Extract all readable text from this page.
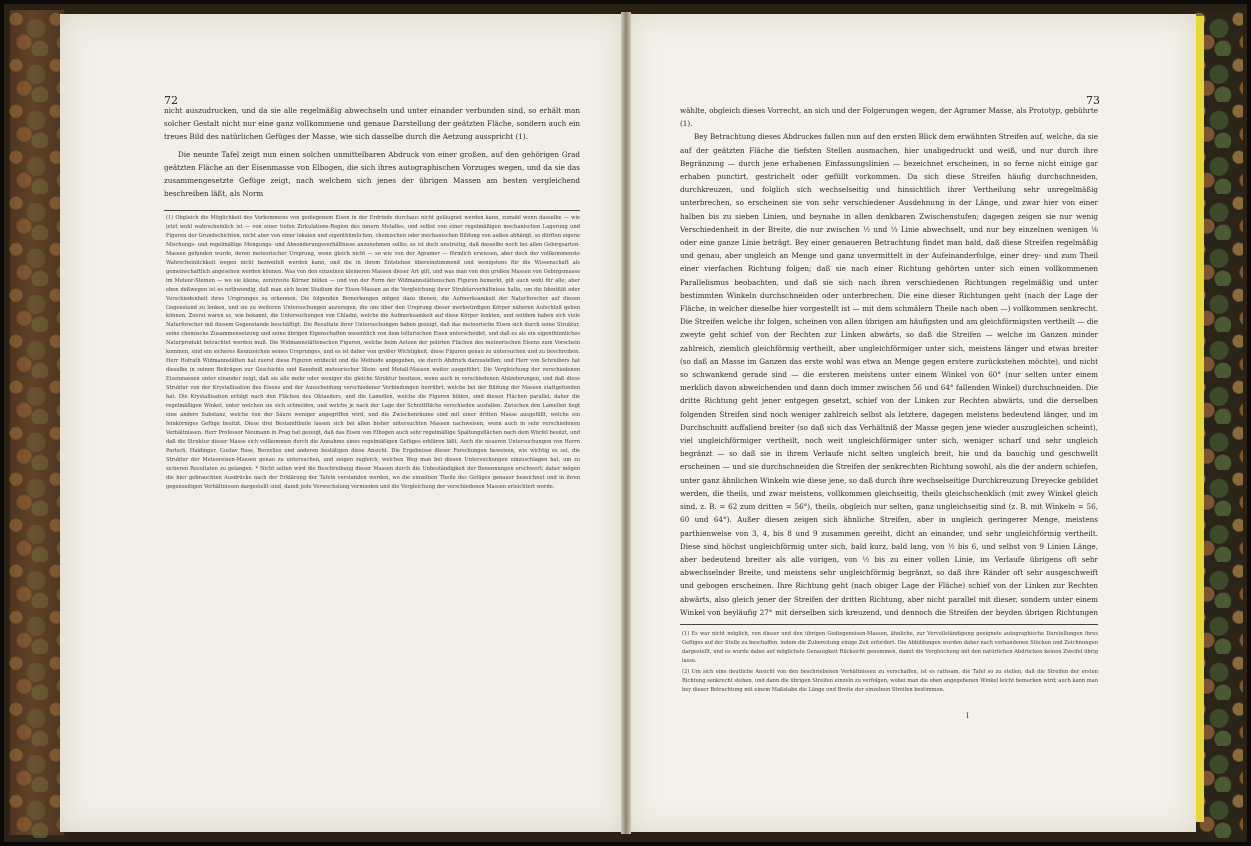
72

nicht auszudrucken, und da sie alle regelmäßig abwechseln und unter einander verbunden sind, so erhält man solcher Gestalt nicht nur eine ganz vollkommene und genaue Darstellung der geätzten Fläche, sondern auch ein treues Bild des natürlichen Gefüges der Masse, wie sich dasselbe durch die Aetzung ausspricht (1).

Die neunte Tafel zeigt nun einen solchen unmittelbaren Abdruck von einer großen, auf den gehörigen Grad geätzten Fläche an der Eisenmasse von Elbogen, die sich ihres autographischen Vorzuges wegen, und da sie das zusammengesetzte Gefüge zeigt, nach welchem sich jenes der übrigen Massen am besten vergleichend beschreiben läßt, als Norm

(1) Obgleich die Möglichkeit des Vorkommens von gediegenem Eisen in der Erdrinde durchaus nicht geläugnet werden kann, zumahl wenn dasselbe — wie jetzt wohl wahrscheinlich ist — von einer tiefen Zirkulations-Region des innern Metalles, und selbst von einer regelmäßigen mechanischen Lagerung und Figuren der Grundschichten, nicht aber von einer lokalen und eigenthümlichen, chemischen oder mechanischen Bildung von außen abhängt, so dürften eigene Mischungs- und regelmäßige Mengungs- und Absonderungsverhältnisse anzunehmen sollte; so ist doch unstreitig, daß dasselbe noch bei allen Gebirgsarten-Massen gefunden wurde, deren meteorischer Ursprung, wenn gleich nicht — so wie von der Agramer — förmlich erwiesen, aber doch der vollkommenste Wahrscheinlichkeit wegen nicht bezweifelt werden kann, und die in ihrem Entstehen übereinstimmend und wenigstens für die Wissenschaft als gemeinschaftlich angesehen werden können. Was von den einzelnen kleineren Massen dieser Art gilt, und was man von den großen Massen von Gebirgsmasse im Meteor-Steinen — wo sie kleine, zerstreute Körner bilden — und von der Form der Widmannstättenschen Figuren bemerkt, gilt auch wohl für alle; aber eben deßwegen ist es nothwendig, daß man sich beim Studium der Eisen-Massen an die Vergleichung ihrer Strukturverhältnisse halte, um die Identität oder Verschiedenheit ihres Ursprunges zu erkennen. Die folgenden Bemerkungen mögen dazu dienen, die Aufmerksamkeit der Naturforscher auf diesen Gegenstand zu lenken, und sie zu weiteren Untersuchungen anzuregen, die uns über den Ursprung dieser merkwürdigen Körper näheren Aufschluß geben können. Zuerst waren es, wie bekannt, die Untersuchungen von Chladni, welche die Aufmerksamkeit auf diese Körper lenkten, und seitdem haben sich viele Naturforscher mit diesem Gegenstande beschäftigt. Die Resultate ihrer Untersuchungen haben gezeigt, daß das meteorische Eisen sich durch seine Struktur, seine chemische Zusammensetzung und seine übrigen Eigenschaften wesentlich von dem tellurischen Eisen unterscheidet, und daß es als ein eigenthümliches Naturprodukt betrachtet werden muß. Die Widmannstättenschen Figuren, welche beim Aetzen der polirten Flächen des meteorischen Eisens zum Vorschein kommen, sind ein sicheres Kennzeichen seines Ursprunges, und es ist daher von großer Wichtigkeit, diese Figuren genau zu untersuchen und zu beschreiben. Herr Hofrath Widmannstätten hat zuerst diese Figuren entdeckt und die Methode angegeben, sie durch Abdruck darzustellen; und Herr von Schreibers hat dieselbe in seinen Beiträgen zur Geschichte und Kenntniß meteorischer Stein- und Metall-Massen weiter ausgeführt. Die Vergleichung der verschiedenen Eisenmassen unter einander zeigt, daß sie alle mehr oder weniger die gleiche Struktur besitzen, wenn auch in verschiedenen Abänderungen, und daß diese Struktur von der Krystallisation des Eisens und der Ausscheidung verschiedener Verbindungen herrührt, welche bei der Bildung der Massen stattgefunden hat. Die Krystallisation erfolgt nach den Flächen des Oktaeders, und die Lamellen, welche die Figuren bilden, sind diesen Flächen parallel; daher die regelmäßigen Winkel, unter welchen sie sich schneiden, und welche je nach der Lage der Schnittfläche verschieden ausfallen. Zwischen den Lamellen liegt eine andere Substanz, welche von der Säure weniger angegriffen wird, und die Zwischenräume sind mit einer dritten Masse ausgefüllt, welche ein feinkörniges Gefüge besitzt. Diese drei Bestandtheile lassen sich bei allen bisher untersuchten Massen nachweisen, wenn auch in sehr verschiedenen Verhältnissen. Herr Professor Neumann in Prag hat gezeigt, daß das Eisen von Elbogen auch sehr regelmäßige Spaltungsflächen nach dem Würfel besitzt, und daß die Struktur dieser Masse sich vollkommen durch die Annahme eines regelmäßigen Gefüges erklären läßt. Auch die neueren Untersuchungen von Herrn Partsch, Haidinger, Gustav Rose, Berzelius und anderen bestätigen diese Ansicht. Die Ergebnisse dieser Forschungen beweisen, wie wichtig es sei, die Struktur der Meteoreisen-Massen genau zu untersuchen, und zeigen zugleich, welchen Weg man bei diesen Untersuchungen einzuschlagen hat, um zu sicheren Resultaten zu gelangen. * Nicht selten wird die Beschreibung dieser Massen durch die Unbeständigkeit der Benennungen erschwert; daher mögen die hier gebrauchten Ausdrücke nach der Erklärung der Tafeln verstanden werden, wo die einzelnen Theile des Gefüges genauer bezeichnet und in ihren gegenseitigen Verhältnissen dargestellt sind, damit jede Verwechslung vermieden und die Vergleichung der verschiedenen Massen erleichtert werde.
73

wählte, obgleich dieses Vorrecht, an sich und der Folgerungen wegen, der Agramer Masse, als Prototyp, gebührte (1).

Bey Betrachtung dieses Abdruckes fallen nun auf den ersten Blick dem erwähnten Streifen auf, welche, da sie auf der geätzten Fläche die tiefsten Stellen ausmachen, hier unabgedruckt und weiß, und nur durch ihre Begränzung — durch jene erhabenen Einfassungslinien — bezeichnet erscheinen, in so ferne nicht einige gar erhaben punctirt, gestrichelt oder gefüllt vorkommen. Da sich diese Streifen häufig durchschneiden, durchkreuzen, und folglich sich wechselseitig und hinsichtlich ihrer Vertheilung sehr unregelmäßig unterbrechen, so erscheinen sie von sehr verschiedener Ausdehnung in der Länge, und zwar hier von einer halben bis zu sieben Linien, und beynahe in allen denkbaren Zwischenstufen; dagegen zeigen sie nur wenig Verschiedenheit in der Breite, die nur zwischen ½ und ⅓ Linie abwechselt, und nur bey einzelnen wenigen ⅛ oder eine ganze Linie beträgt. Bey einer genaueren Betrachtung findet man bald, daß diese Streifen regelmäßig und genau, aber ungleich an Menge und ganz unvermittelt in der Aufeinanderfolge, einer drey- und zum Theil einer vierfachen Richtung folgen; daß sie nach einer Richtung gehörten unter sich einen vollkommenen Parallelismus beobachten, und daß sie sich nach ihren verschiedenen Richtungen regelmäßig und unter bestimmten Winkeln durchschneiden oder unterbrechen. Die eine dieser Richtungen geht (nach der Lage der Fläche, in welcher dieselbe hier vorgestellt ist — mit dem schmälern Theile nach oben —) vollkommen senkrecht. Die Streifen welche ihr folgen, scheinen von allen übrigen am häufigsten und am gleichförmigsten vertheilt — die zweyte geht schief von der Rechten zur Linken abwärts, so daß die Streifen — welche im Ganzen minder zahlreich, ziemlich gleichförmig vertheilt, aber ungleichförmiger unter sich, meistens länger und etwas breiter (so daß an Masse im Ganzen das erste wohl was etwa an Menge gegen erstere zurückstehen möchte), und nicht so schwankend gerade sind — die ersteren meistens unter einem Winkel von 60° (nur selten unter einem merklich davon abweichenden und dann doch immer zwischen 56 und 64° fallenden Winkel) durchschneiden. Die dritte Richtung geht jener entgegen gesetzt, schief von der Linken zur Rechten abwärts, und die derselben folgenden Streifen sind noch weniger zahlreich selbst als letztere, dagegen meistens bedeutend länger, und im Durchschnitt auffallend breiter (so daß sich das Verhältniß der Masse gegen jene wieder auszugleichen scheint), viel ungleichförmiger vertheilt, noch weit ungleichförmiger unter sich, weniger scharf und sehr ungleich begränzt — so daß sie in ihrem Verlaufe nicht selten ungleich breit, hie und da bauchig und geschwellt erscheinen — und sie durchschneiden die Streifen der senkrechten Richtung sowohl, als die der andern schiefen, unter ganz ähnlichen Winkeln wie diese jene, so daß durch ihre wechselseitige Durchkreuzung Dreyecke gebildet werden, die theils, und zwar meistens, vollkommen gleichseitig, theils gleichschenklich (mit zwey Winkel gleich sind, z. B. = 62 zum dritten = 56°), theils, obgleich nur selten, ganz ungleichseitig sind (z. B. mit Winkeln = 56, 60 und 64°). Außer diesen zeigen sich ähnliche Streifen, aber in ungleich geringerer Menge, meistens parthienweise von 3, 4, bis 8 und 9 zusammen gereiht, dicht an einander, und sehr ungleichförmig vertheilt. Diese sind höchst ungleichförmig unter sich, bald kurz, bald lang, von ½ bis 6, und selbst von 9 Linien Länge, aber bedeutend breiter als alle vorigen, von ½ bis zu einer vollen Linie, im Verlaufe übrigens oft sehr abwechselnder Breite, und meistens sehr ungleichförmig begränzt, so daß ihre Ränder oft sehr ausgeschweift und gebogen erscheinen. Ihre Richtung geht (nach obiger Lage der Fläche) schief von der Linken zur Rechten abwärts, also gleich jener der Streifen der dritten Richtung, aber nicht parallel mit dieser, sondern unter einem Winkel von beyläufig 27° mit derselben sich kreuzend, und dennoch die Streifen der beyden übrigen Richtungen

(1) Es war nicht möglich, von dieser und den übrigen Gediegeneisen-Massen, ähnliche, zur Vervollständigung geeignete autographische Darstellungen ihres Gefüges auf der Stelle zu beschaffen, indem die Zubereitung einige Zeit erfordert. Die Abbildungen wurden daher nach vorhandenen Stücken und Zeichnungen dargestellt, und es wurde dabei auf möglichste Genauigkeit Rücksicht genommen, damit die Vergleichung mit den natürlichen Abdrücken keinen Zweifel übrig lasse.

(2) Um sich eine deutliche Ansicht von den beschriebenen Verhältnissen zu verschaffen, ist es rathsam, die Tafel so zu stellen, daß die Streifen der ersten Richtung senkrecht stehen, und dann die übrigen Streifen einzeln zu verfolgen, wobei man die oben angegebenen Winkel leicht bemerken wird; auch kann man bey dieser Betrachtung mit einem Maßstabe die Länge und Breite der einzelnen Streifen bestimmen.

I
